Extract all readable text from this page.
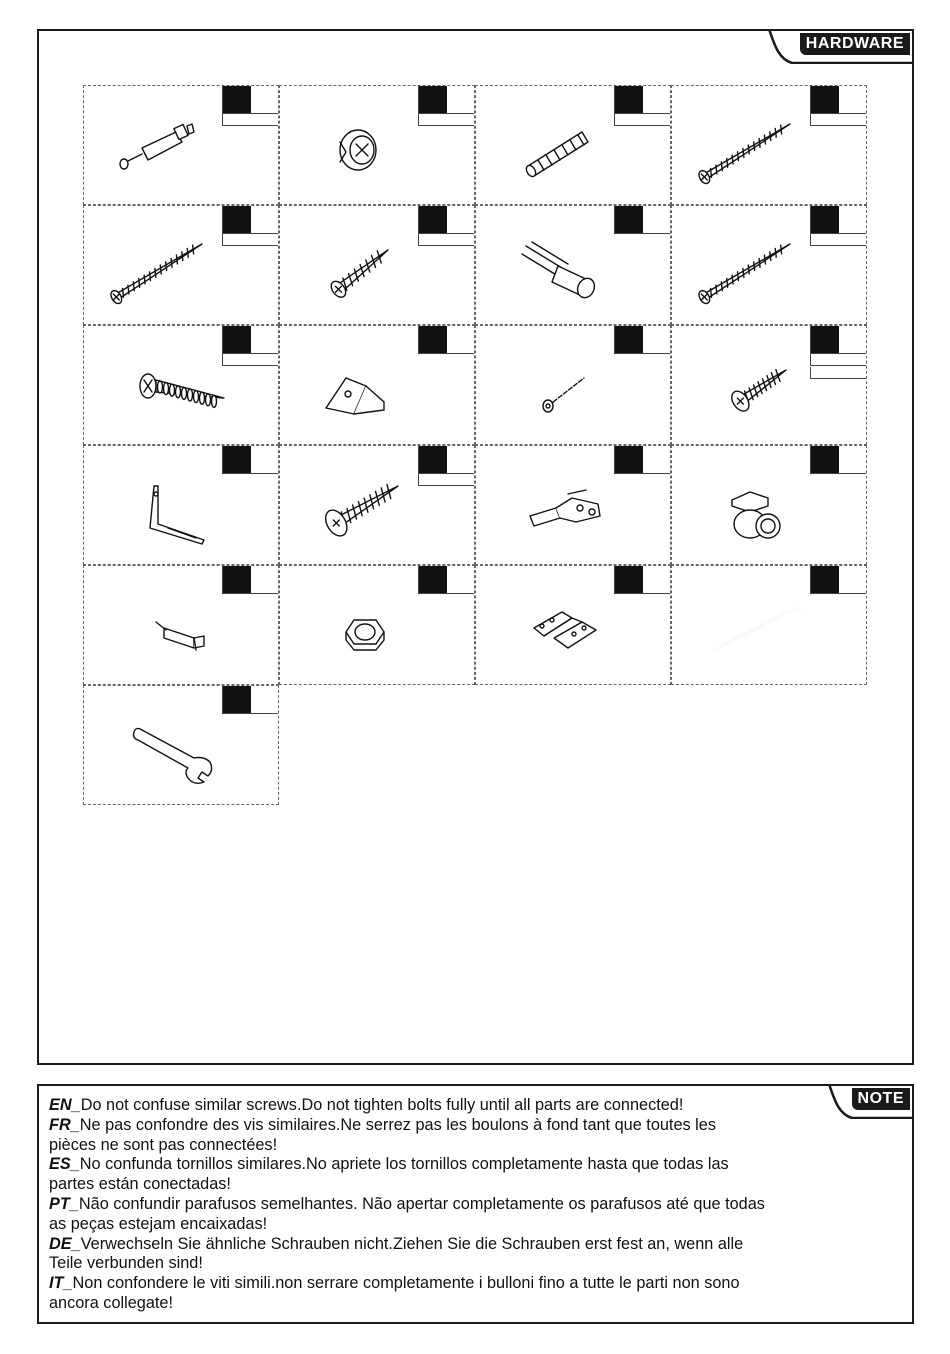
HARDWARE
NOTE
EN_Do not confuse similar screws.Do not tighten bolts fully until all parts are connected!
FR_Ne pas confondre des vis similaires.Ne serrez pas les boulons à fond tant que toutes les
pièces ne sont pas connectées!
ES_No confunda tornillos similares.No apriete los tornillos completamente hasta que todas las
partes están conectadas!
PT_Não confundir parafusos semelhantes. Não apertar completamente os parafusos até que todas
as peças estejam encaixadas!
DE_Verwechseln Sie ähnliche Schrauben nicht.Ziehen Sie die Schrauben erst fest an, wenn alle
Teile verbunden sind!
IT_Non confondere le viti simili.non serrare completamente i bulloni fino a tutte le parti non sono
ancora collegate!
